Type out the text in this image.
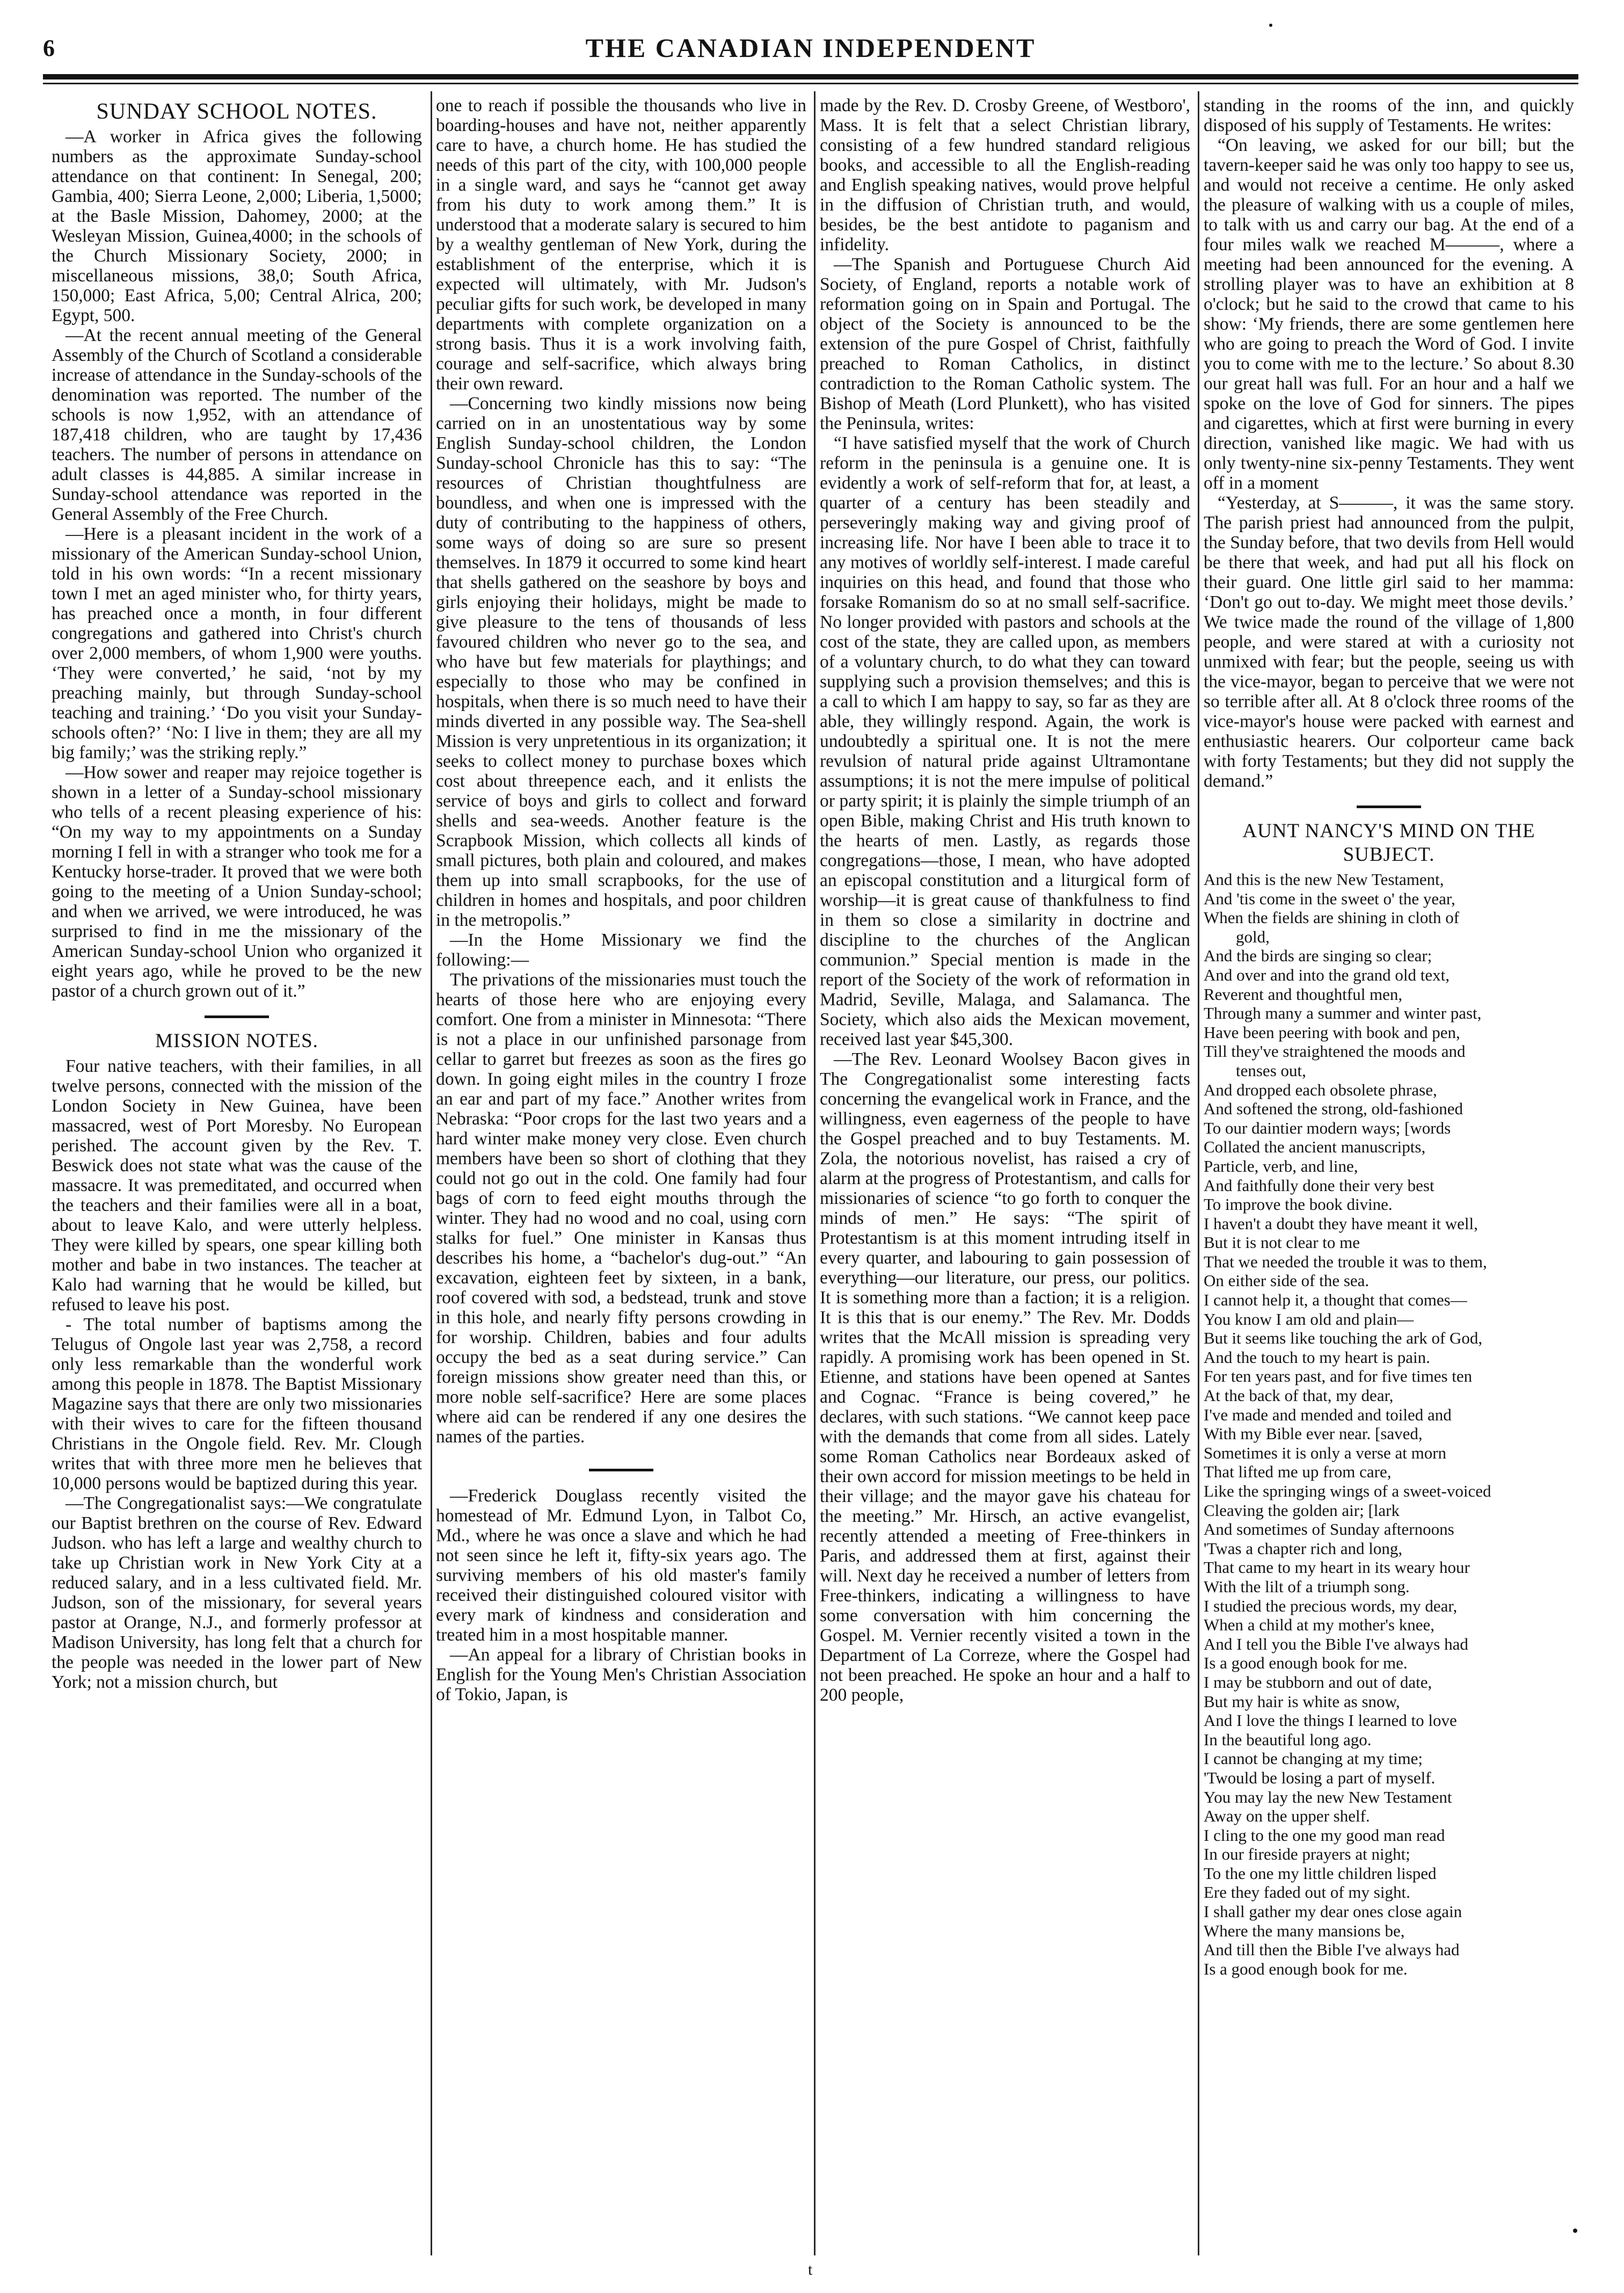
6	THE CANADIAN INDEPENDENT
SUNDAY SCHOOL NOTES.

—A worker in Africa gives the following numbers as the approximate Sunday-school attendance on that continent: In Senegal, 200; Gambia, 400; Sierra Leone, 2,000; Liberia, 1,5000; at the Basle Mission, Dahomey, 2000; at the Wesleyan Mission, Guinea,4000; in the schools of the Church Missionary Society, 2000; in miscellaneous missions, 38,0; South Africa, 150,000; East Africa, 5,00; Central Alrica, 200; Egypt, 500.

—At the recent annual meeting of the General Assembly of the Church of Scotland a considerable increase of attendance in the Sunday-schools of the denomination was reported. The number of the schools is now 1,952, with an attendance of 187,418 children, who are taught by 17,436 teachers. The number of persons in attendance on adult classes is 44,885. A similar increase in Sunday-school attendance was reported in the General Assembly of the Free Church.

—Here is a pleasant incident in the work of a missionary of the American Sunday-school Union, told in his own words: “In a recent missionary town I met an aged minister who, for thirty years, has preached once a month, in four different congregations and gathered into Christ's church over 2,000 members, of whom 1,900 were youths. ‘They were converted,’ he said, ‘not by my preaching mainly, but through Sunday-school teaching and training.’ ‘Do you visit your Sunday-schools often?’ ‘No: I live in them; they are all my big family;’ was the striking reply.”

—How sower and reaper may rejoice together is shown in a letter of a Sunday-school missionary who tells of a recent pleasing experience of his: “On my way to my appointments on a Sunday morning I fell in with a stranger who took me for a Kentucky horse-trader. It proved that we were both going to the meeting of a Union Sunday-school; and when we arrived, we were introduced, he was surprised to find in me the missionary of the American Sunday-school Union who organized it eight years ago, while he proved to be the new pastor of a church grown out of it.”

MISSION NOTES.

Four native teachers, with their families, in all twelve persons, connected with the mission of the London Society in New Guinea, have been massacred, west of Port Moresby. No European perished. The account given by the Rev. T. Beswick does not state what was the cause of the massacre. It was premeditated, and occurred when the teachers and their families were all in a boat, about to leave Kalo, and were utterly helpless. They were killed by spears, one spear killing both mother and babe in two instances. The teacher at Kalo had warning that he would be killed, but refused to leave his post.

- The total number of baptisms among the Telugus of Ongole last year was 2,758, a record only less remarkable than the wonderful work among this people in 1878. The Baptist Missionary Magazine says that there are only two missionaries with their wives to care for the fifteen thousand Christians in the Ongole field. Rev. Mr. Clough writes that with three more men he believes that 10,000 persons would be baptized during this year.

—The Congregationalist says:—We congratulate our Baptist brethren on the course of Rev. Edward Judson. who has left a large and wealthy church to take up Christian work in New York City at a reduced salary, and in a less cultivated field. Mr. Judson, son of the missionary, for several years pastor at Orange, N.J., and formerly professor at Madison University, has long felt that a church for the people was needed in the lower part of New York; not a mission church, but

one to reach if possible the thousands who live in boarding-houses and have not, neither apparently care to have, a church home. He has studied the needs of this part of the city, with 100,000 people in a single ward, and says he “cannot get away from his duty to work among them.” It is understood that a moderate salary is secured to him by a wealthy gentleman of New York, during the establishment of the enterprise, which it is expected will ultimately, with Mr. Judson's peculiar gifts for such work, be developed in many departments with complete organization on a strong basis. Thus it is a work involving faith, courage and self-sacrifice, which always bring their own reward.

—Concerning two kindly missions now being carried on in an unostentatious way by some English Sunday-school children, the London Sunday-school Chronicle has this to say: “The resources of Christian thoughtfulness are boundless, and when one is impressed with the duty of contributing to the happiness of others, some ways of doing so are sure so present themselves. In 1879 it occurred to some kind heart that shells gathered on the seashore by boys and girls enjoying their holidays, might be made to give pleasure to the tens of thousands of less favoured children who never go to the sea, and who have but few materials for playthings; and especially to those who may be confined in hospitals, when there is so much need to have their minds diverted in any possible way. The Sea-shell Mission is very unpretentious in its organization; it seeks to collect money to purchase boxes which cost about threepence each, and it enlists the service of boys and girls to collect and forward shells and sea-weeds. Another feature is the Scrapbook Mission, which collects all kinds of small pictures, both plain and coloured, and makes them up into small scrapbooks, for the use of children in homes and hospitals, and poor children in the metropolis.”

—In the Home Missionary we find the following:—

The privations of the missionaries must touch the hearts of those here who are enjoying every comfort. One from a minister in Minnesota: “There is not a place in our unfinished parsonage from cellar to garret but freezes as soon as the fires go down. In going eight miles in the country I froze an ear and part of my face.” Another writes from Nebraska: “Poor crops for the last two years and a hard winter make money very close. Even church members have been so short of clothing that they could not go out in the cold. One family had four bags of corn to feed eight mouths through the winter. They had no wood and no coal, using corn stalks for fuel.” One minister in Kansas thus describes his home, a “bachelor's dug-out.” “An excavation, eighteen feet by sixteen, in a bank, roof covered with sod, a bedstead, trunk and stove in this hole, and nearly fifty persons crowding in for worship. Children, babies and four adults occupy the bed as a seat during service.” Can foreign missions show greater need than this, or more noble self-sacrifice? Here are some places where aid can be rendered if any one desires the names of the parties.

—Frederick Douglass recently visited the homestead of Mr. Edmund Lyon, in Talbot Co, Md., where he was once a slave and which he had not seen since he left it, fifty-six years ago. The surviving members of his old master's family received their distinguished coloured visitor with every mark of kindness and consideration and treated him in a most hospitable manner.

—An appeal for a library of Christian books in English for the Young Men's Christian Association of Tokio, Japan, is

made by the Rev. D. Crosby Greene, of Westboro', Mass. It is felt that a select Christian library, consisting of a few hundred standard religious books, and accessible to all the English-reading and English speaking natives, would prove helpful in the diffusion of Christian truth, and would, besides, be the best antidote to paganism and infidelity.

—The Spanish and Portuguese Church Aid Society, of England, reports a notable work of reformation going on in Spain and Portugal. The object of the Society is announced to be the extension of the pure Gospel of Christ, faithfully preached to Roman Catholics, in distinct contradiction to the Roman Catholic system. The Bishop of Meath (Lord Plunkett), who has visited the Peninsula, writes:

“I have satisfied myself that the work of Church reform in the peninsula is a genuine one. It is evidently a work of self-reform that for, at least, a quarter of a century has been steadily and perseveringly making way and giving proof of increasing life. Nor have I been able to trace it to any motives of worldly self-interest. I made careful inquiries on this head, and found that those who forsake Romanism do so at no small self-sacrifice. No longer provided with pastors and schools at the cost of the state, they are called upon, as members of a voluntary church, to do what they can toward supplying such a provision themselves; and this is a call to which I am happy to say, so far as they are able, they willingly respond. Again, the work is undoubtedly a spiritual one. It is not the mere revulsion of natural pride against Ultramontane assumptions; it is not the mere impulse of political or party spirit; it is plainly the simple triumph of an open Bible, making Christ and His truth known to the hearts of men. Lastly, as regards those congregations—those, I mean, who have adopted an episcopal constitution and a liturgical form of worship—it is great cause of thankfulness to find in them so close a similarity in doctrine and discipline to the churches of the Anglican communion.” Special mention is made in the report of the Society of the work of reformation in Madrid, Seville, Malaga, and Salamanca. The Society, which also aids the Mexican movement, received last year $45,300.

—The Rev. Leonard Woolsey Bacon gives in The Congregationalist some interesting facts concerning the evangelical work in France, and the willingness, even eagerness of the people to have the Gospel preached and to buy Testaments. M. Zola, the notorious novelist, has raised a cry of alarm at the progress of Protestantism, and calls for missionaries of science “to go forth to conquer the minds of men.” He says: “The spirit of Protestantism is at this moment intruding itself in every quarter, and labouring to gain possession of everything—our literature, our press, our politics. It is something more than a faction; it is a religion. It is this that is our enemy.” The Rev. Mr. Dodds writes that the McAll mission is spreading very rapidly. A promising work has been opened in St. Etienne, and stations have been opened at Santes and Cognac. “France is being covered,” he declares, with such stations. “We cannot keep pace with the demands that come from all sides. Lately some Roman Catholics near Bordeaux asked of their own accord for mission meetings to be held in their village; and the mayor gave his chateau for the meeting.” Mr. Hirsch, an active evangelist, recently attended a meeting of Free-thinkers in Paris, and addressed them at first, against their will. Next day he received a number of letters from Free-thinkers, indicating a willingness to have some conversation with him concerning the Gospel. M. Vernier recently visited a town in the Department of La Correze, where the Gospel had not been preached. He spoke an hour and a half to 200 people,

standing in the rooms of the inn, and quickly disposed of his supply of Testaments. He writes:

“On leaving, we asked for our bill; but the tavern-keeper said he was only too happy to see us, and would not receive a centime. He only asked the pleasure of walking with us a couple of miles, to talk with us and carry our bag. At the end of a four miles walk we reached M———, where a meeting had been announced for the evening. A strolling player was to have an exhibition at 8 o'clock; but he said to the crowd that came to his show: ‘My friends, there are some gentlemen here who are going to preach the Word of God. I invite you to come with me to the lecture.’ So about 8.30 our great hall was full. For an hour and a half we spoke on the love of God for sinners. The pipes and cigarettes, which at first were burning in every direction, vanished like magic. We had with us only twenty-nine six-penny Testaments. They went off in a moment

“Yesterday, at S———, it was the same story. The parish priest had announced from the pulpit, the Sunday before, that two devils from Hell would be there that week, and had put all his flock on their guard. One little girl said to her mamma: ‘Don't go out to-day. We might meet those devils.’ We twice made the round of the village of 1,800 people, and were stared at with a curiosity not unmixed with fear; but the people, seeing us with the vice-mayor, began to perceive that we were not so terrible after all. At 8 o'clock three rooms of the vice-mayor's house were packed with earnest and enthusiastic hearers. Our colporteur came back with forty Testaments; but they did not supply the demand.”

AUNT NANCY'S MIND ON THE SUBJECT.
And this is the new New Testament,
And 'tis come in the sweet o' the year,
When the fields are shining in cloth of
gold,
And the birds are singing so clear;
And over and into the grand old text,
Reverent and thoughtful men,
Through many a summer and winter past,
Have been peering with book and pen,
Till they've straightened the moods and
tenses out,
And dropped each obsolete phrase,
And softened the strong, old-fashioned
To our daintier modern ways; [words
Collated the ancient manuscripts,
Particle, verb, and line,
And faithfully done their very best
To improve the book divine.
I haven't a doubt they have meant it well,
But it is not clear to me
That we needed the trouble it was to them,
On either side of the sea.
I cannot help it, a thought that comes—
You know I am old and plain—
But it seems like touching the ark of God,
And the touch to my heart is pain.
For ten years past, and for five times ten
At the back of that, my dear,
I've made and mended and toiled and
With my Bible ever near. [saved,
Sometimes it is only a verse at morn
That lifted me up from care,
Like the springing wings of a sweet-voiced
Cleaving the golden air; [lark
And sometimes of Sunday afternoons
'Twas a chapter rich and long,
That came to my heart in its weary hour
With the lilt of a triumph song.
I studied the precious words, my dear,
When a child at my mother's knee,
And I tell you the Bible I've always had
Is a good enough book for me.
I may be stubborn and out of date,
But my hair is white as snow,
And I love the things I learned to love
In the beautiful long ago.
I cannot be changing at my time;
'Twould be losing a part of myself.
You may lay the new New Testament
Away on the upper shelf.
I cling to the one my good man read
In our fireside prayers at night;
To the one my little children lisped
Ere they faded out of my sight.
I shall gather my dear ones close again
Where the many mansions be,
And till then the Bible I've always had
Is a good enough book for me.
t
